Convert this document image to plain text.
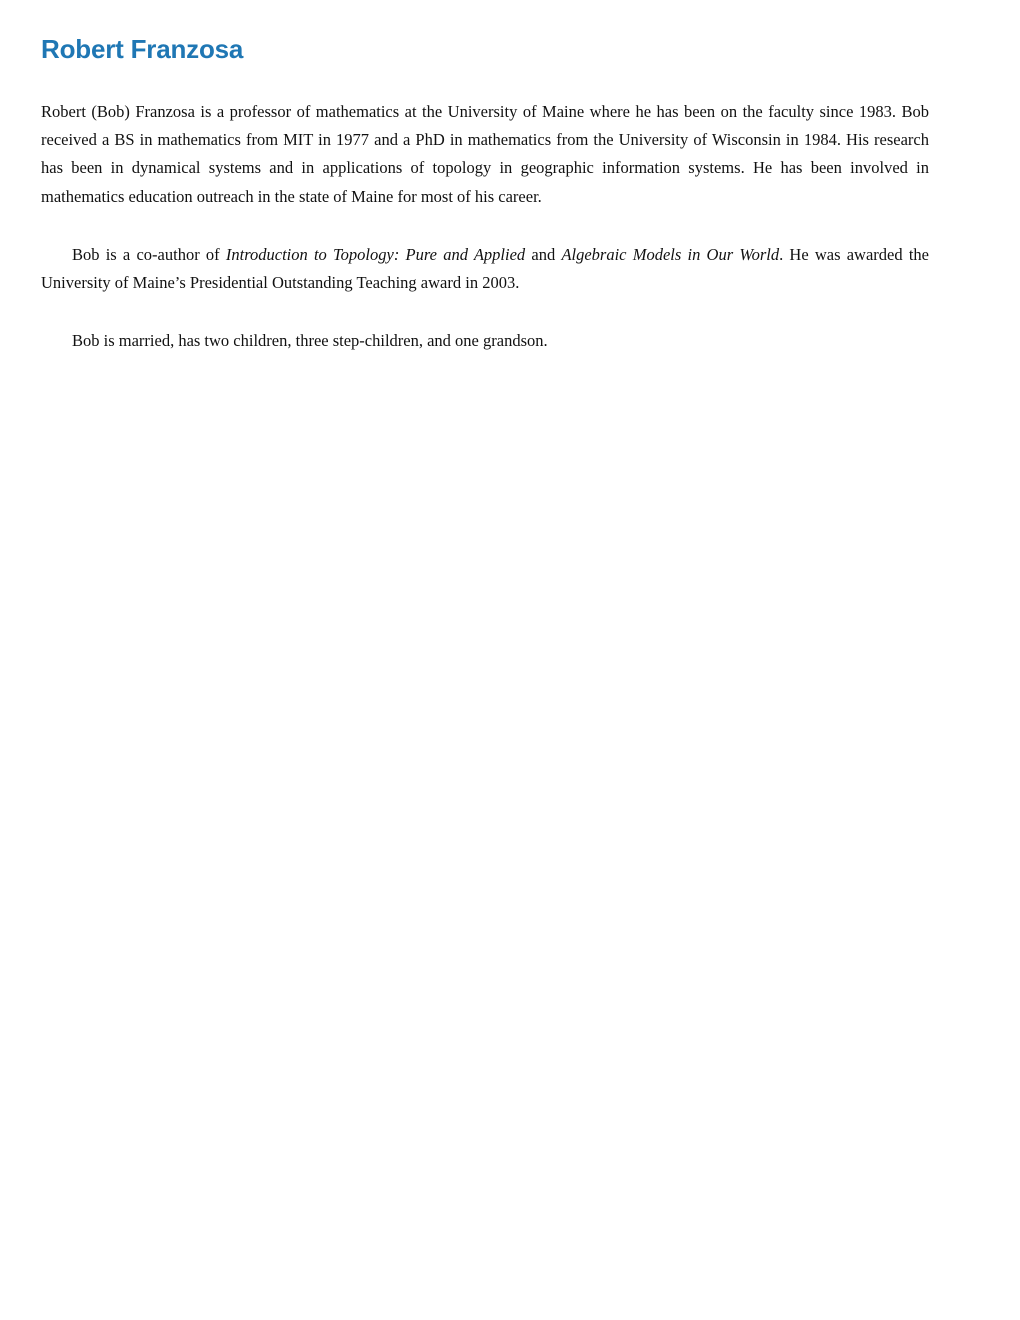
Robert Franzosa

Robert (Bob) Franzosa is a professor of mathematics at the University of Maine where he has been on the faculty since 1983. Bob received a BS in mathematics from MIT in 1977 and a PhD in mathematics from the University of Wisconsin in 1984. His research has been in dynamical systems and in applications of topology in geographic information systems. He has been involved in mathematics education outreach in the state of Maine for most of his career.

Bob is a co-author of Introduction to Topology: Pure and Applied and Algebraic Models in Our World. He was awarded the University of Maine’s Presidential Outstanding Teaching award in 2003.

Bob is married, has two children, three step-children, and one grandson.
